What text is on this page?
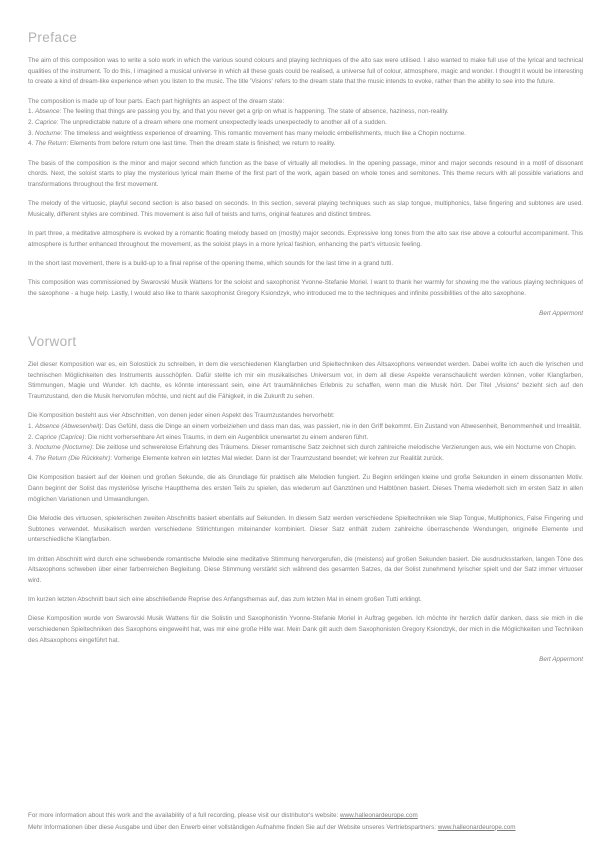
Preface

The aim of this composition was to write a solo work in which the various sound colours and playing techniques of the alto sax were utilised. I also wanted to make full use of the lyrical and technical qualities of the instrument. To do this, I imagined a musical universe in which all these goals could be realised, a universe full of colour, atmosphere, magic and wonder. I thought it would be interesting to create a kind of dream-like experience when you listen to the music. The title 'Visions' refers to the dream state that the music intends to evoke, rather than the ability to see into the future.

The composition is made up of four parts. Each part highlights an aspect of the dream state:
1. Absence: The feeling that things are passing you by, and that you never get a grip on what is happening. The state of absence, haziness, non-reality.
2. Caprice: The unpredictable nature of a dream where one moment unexpectedly leads unexpectedly to another all of a sudden.
3. Nocturne: The timeless and weightless experience of dreaming. This romantic movement has many melodic embellishments, much like a Chopin nocturne.
4. The Return: Elements from before return one last time. Then the dream state is finished; we return to reality.

The basis of the composition is the minor and major second which function as the base of virtually all melodies. In the opening passage, minor and major seconds resound in a motif of dissonant chords. Next, the soloist starts to play the mysterious lyrical main theme of the first part of the work, again based on whole tones and semitones. This theme recurs with all possible variations and transformations throughout the first movement.

The melody of the virtuosic, playful second section is also based on seconds. In this section, several playing techniques such as slap tongue, multiphonics, false fingering and subtones are used. Musically, different styles are combined. This movement is also full of twists and turns, original features and distinct timbres.

In part three, a meditative atmosphere is evoked by a romantic floating melody based on (mostly) major seconds. Expressive long tones from the alto sax rise above a colourful accompaniment. This atmosphere is further enhanced throughout the movement, as the soloist plays in a more lyrical fashion, enhancing the part's virtuosic feeling.

In the short last movement, there is a build-up to a final reprise of the opening theme, which sounds for the last time in a grand tutti.

This composition was commissioned by Swarovski Musik Wattens for the soloist and saxophonist Yvonne-Stefanie Moriel. I want to thank her warmly for showing me the various playing techniques of the saxophone - a huge help. Lastly, I would also like to thank saxophonist Gregory Ksiondzyk, who introduced me to the techniques and infinite possibilities of the alto saxophone.

Bert Appermont
Vorwort

Ziel dieser Komposition war es, ein Solostück zu schreiben, in dem die verschiedenen Klangfarben und Spieltechniken des Altsaxophons verwendet werden. Dabei wollte ich auch die lyrischen und technischen Möglichkeiten des Instruments ausschöpfen. Dafür stellte ich mir ein musikalisches Universum vor, in dem all diese Aspekte veranschaulicht werden können, voller Klangfarben, Stimmungen, Magie und Wunder. Ich dachte, es könnte interessant sein, eine Art traumähnliches Erlebnis zu schaffen, wenn man die Musik hört. Der Titel „Visions“ bezieht sich auf den Traumzustand, den die Musik hervorrufen möchte, und nicht auf die Fähigkeit, in die Zukunft zu sehen.

Die Komposition besteht aus vier Abschnitten, von denen jeder einen Aspekt des Traumzustandes hervorhebt:
1. Absence (Abwesenheit): Das Gefühl, dass die Dinge an einem vorbeiziehen und dass man das, was passiert, nie in den Griff bekommt. Ein Zustand von Abwesenheit, Benommenheit und Irrealität.
2. Caprice (Caprice): Die nicht vorhersehbare Art eines Traums, in dem ein Augenblick unerwartet zu einem anderen führt.
3. Nocturne (Nocturne): Die zeitlose und schwerelose Erfahrung des Träumens. Dieser romantische Satz zeichnet sich durch zahlreiche melodische Verzierungen aus, wie ein Nocturne von Chopin.
4. The Return (Die Rückkehr): Vorherige Elemente kehren ein letztes Mal wieder. Dann ist der Traumzustand beendet; wir kehren zur Realität zurück.

Die Komposition basiert auf der kleinen und großen Sekunde, die als Grundlage für praktisch alle Melodien fungiert. Zu Beginn erklingen kleine und große Sekunden in einem dissonanten Motiv. Dann beginnt der Solist das mysteriöse lyrische Hauptthema des ersten Teils zu spielen, das wiederum auf Ganztönen und Halbtönen basiert. Dieses Thema wiederholt sich im ersten Satz in allen möglichen Variationen und Umwandlungen.

Die Melodie des virtuosen, spielerischen zweiten Abschnitts basiert ebenfalls auf Sekunden. In diesem Satz werden verschiedene Spieltechniken wie Slap Tongue, Multiphonics, False Fingering und Subtones verwendet. Musikalisch werden verschiedene Stilrichtungen miteinander kombiniert. Dieser Satz enthält zudem zahlreiche überraschende Wendungen, originelle Elemente und unterschiedliche Klangfarben.

Im dritten Abschnitt wird durch eine schwebende romantische Melodie eine meditative Stimmung hervorgerufen, die (meistens) auf großen Sekunden basiert. Die ausdrucksstarken, langen Töne des Altsaxophons schweben über einer farbenreichen Begleitung. Diese Stimmung verstärkt sich während des gesamten Satzes, da der Solist zunehmend lyrischer spielt und der Satz immer virtuoser wird.

Im kurzen letzten Abschnitt baut sich eine abschließende Reprise des Anfangsthemas auf, das zum letzten Mal in einem großen Tutti erklingt.

Diese Komposition wurde von Swarovski Musik Wattens für die Solistin und Saxophonistin Yvonne-Stefanie Moriel in Auftrag gegeben. Ich möchte ihr herzlich dafür danken, dass sie mich in die verschiedenen Spieltechniken des Saxophons eingeweiht hat, was mir eine große Hilfe war. Mein Dank gilt auch dem Saxophonisten Gregory Ksiondzyk, der mich in die Möglichkeiten und Techniken des Altsaxophons eingeführt hat.

Bert Appermont
For more information about this work and the availability of a full recording, please visit our distributor's website: www.halleonardeurope.com
Mehr Informationen über diese Ausgabe und über den Erwerb einer vollständigen Aufnahme finden Sie auf der Website unseres Vertriebspartners: www.halleonardeurope.com
